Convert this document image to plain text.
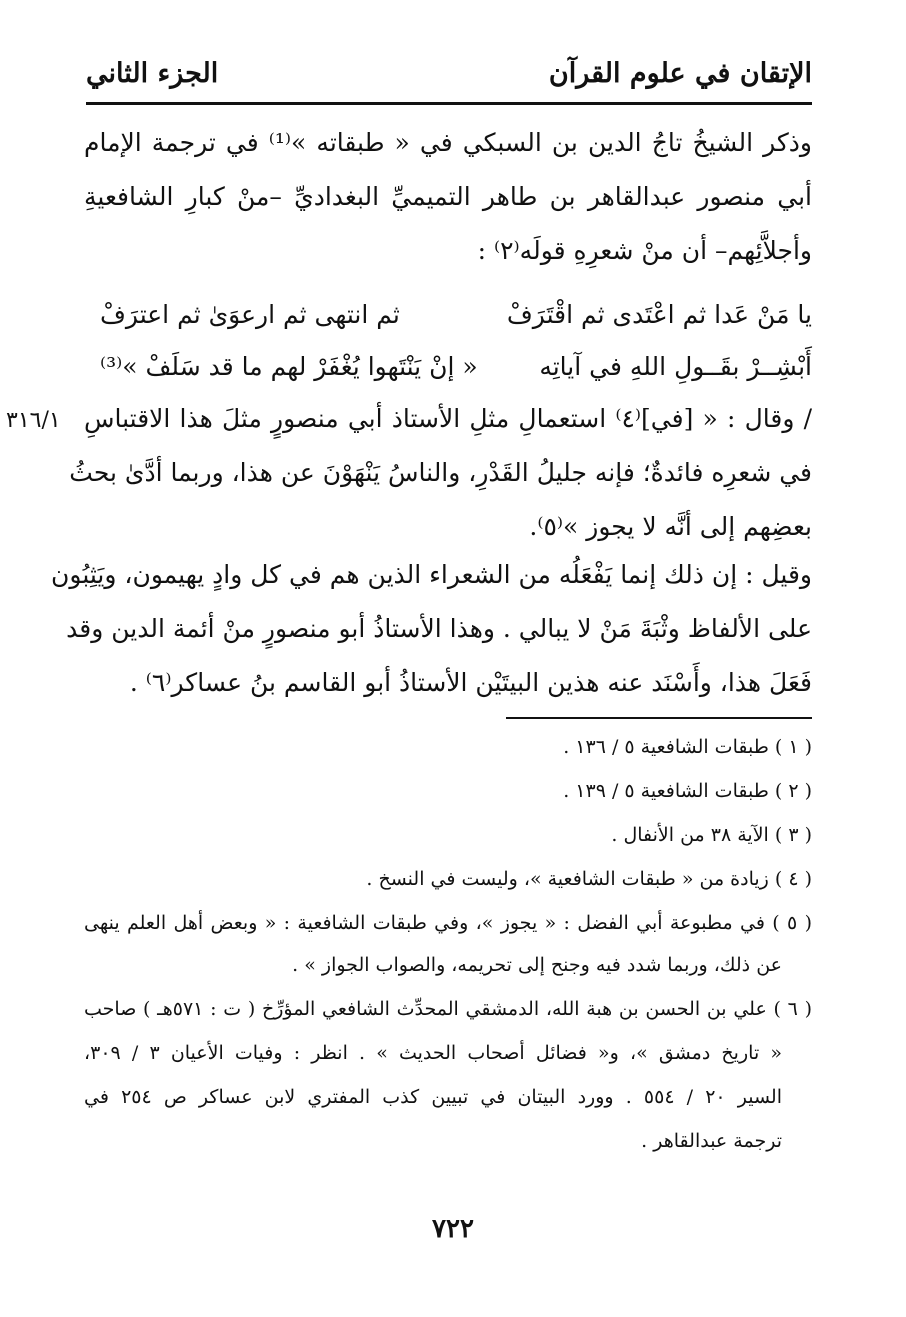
الإتقان في علوم القرآن
الجزء الثاني
وذكر الشيخُ تاجُ الدين بن السبكي في « طبقاته »⁽¹⁾ في ترجمة الإمام
أبي منصور عبدالقاهر بن طاهر التميميِّ البغداديِّ –منْ كبارِ الشافعيةِ
وأجلاَّئِهم– أن منْ شعرِهِ قولَه⁽٢⁾ :
يا مَنْ عَدا ثم اعْتَدى ثم اقْتَرَفْ
ثم انتهى ثم ارعوَىٰ ثم اعترَفْ
أَبْشِــرْ بقَــولِ اللهِ في آياتِه
« إنْ يَنْتَهوا يُغْفَرْ لهم ما قد سَلَفْ »⁽³⁾
٣١٦/١ / وقال : « [في]⁽٤⁾ استعمالِ مثلِ الأستاذ أبي منصورٍ مثلَ هذا الاقتباسِ
في شعرِه فائدةٌ؛ فإنه جليلُ القَدْرِ، والناسُ يَنْهَوْنَ عن هذا، وربما أدَّىٰ بحثُ
بعضِهم إلى أنَّه لا يجوز »⁽٥⁾.
وقيل : إن ذلك إنما يَفْعَلُه من الشعراء الذين هم في كل وادٍ يهيمون، ويَثِبُون
على الألفاظ وثْبَةَ مَنْ لا يبالي . وهذا الأستاذُ أبو منصورٍ منْ أئمة الدين وقد
فَعَلَ هذا، وأَسْنَد عنه هذين البيتَيْن الأستاذُ أبو القاسم بنُ عساكر⁽٦⁾ .
( ١ ) طبقات الشافعية ٥ / ١٣٦ .
( ٢ ) طبقات الشافعية ٥ / ١٣٩ .
( ٣ ) الآية ٣٨ من الأنفال .
( ٤ ) زيادة من « طبقات الشافعية »، وليست في النسخ .
( ٥ ) في مطبوعة أبي الفضل : « يجوز »، وفي طبقات الشافعية : « وبعض أهل العلم ينهى
عن ذلك، وربما شدد فيه وجنح إلى تحريمه، والصواب الجواز » .
( ٦ ) علي بن الحسن بن هبة الله، الدمشقي المحدِّث الشافعي المؤرِّخ ( ت : ٥٧١هـ ) صاحب
« تاريخ دمشق »، و« فضائل أصحاب الحديث » . انظر : وفيات الأعيان ٣ / ٣٠٩،
السير ٢٠ / ٥٥٤ . وورد البيتان في تبيين كذب المفتري لابن عساكر ص ٢٥٤ في
ترجمة عبدالقاهر .
٧٢٢
